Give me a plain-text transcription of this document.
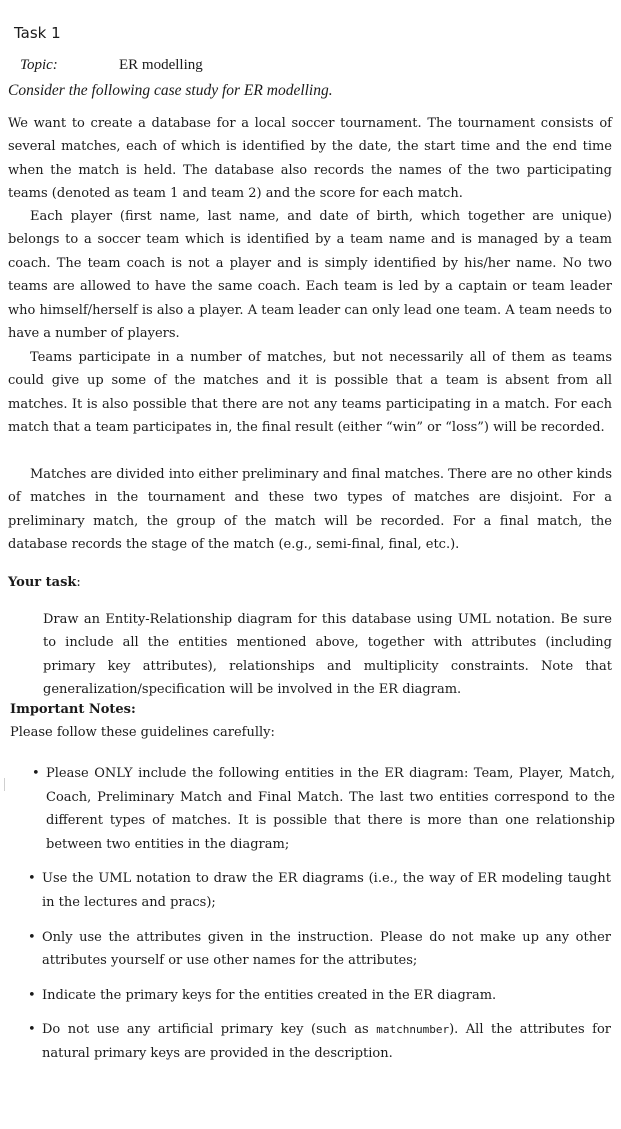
Task 1
Topic:	ER modelling
Consider the following case study for ER modelling.

We want to create a database for a local soccer tournament. The tournament consists of several matches, each of which is identified by the date, the start time and the end time when the match is held. The database also records the names of the two participating teams (denoted as team 1 and team 2) and the score for each match.

Each player (first name, last name, and date of birth, which together are unique) belongs to a soccer team which is identified by a team name and is managed by a team coach. The team coach is not a player and is simply identified by his/her name. No two teams are allowed to have the same coach. Each team is led by a captain or team leader who himself/herself is also a player. A team leader can only lead one team. A team needs to have a number of players.

Teams participate in a number of matches, but not necessarily all of them as teams could give up some of the matches and it is possible that a team is absent from all matches. It is also possible that there are not any teams participating in a match. For each match that a team participates in, the final result (either “win” or “loss”) will be recorded.

Matches are divided into either preliminary and final matches. There are no other kinds of matches in the tournament and these two types of matches are disjoint. For a preliminary match, the group of the match will be recorded. For a final match, the database records the stage of the match (e.g., semi-final, final, etc.).

Your task:

Draw an Entity-Relationship diagram for this database using UML notation. Be sure to include all the entities mentioned above, together with attributes (including primary key attributes), relationships and multiplicity constraints. Note that generalization/specification will be involved in the ER diagram.

Important Notes:
Please follow these guidelines carefully:
• Please ONLY include the following entities in the ER diagram: Team, Player, Match, Coach, Preliminary Match and Final Match. The last two entities correspond to the different types of matches. It is possible that there is more than one relationship between two entities in the diagram;
• Use the UML notation to draw the ER diagrams (i.e., the way of ER modeling taught in the lectures and pracs);
• Only use the attributes given in the instruction. Please do not make up any other attributes yourself or use other names for the attributes;
• Indicate the primary keys for the entities created in the ER diagram.
• Do not use any artificial primary key (such as matchnumber). All the attributes for natural primary keys are provided in the description.
